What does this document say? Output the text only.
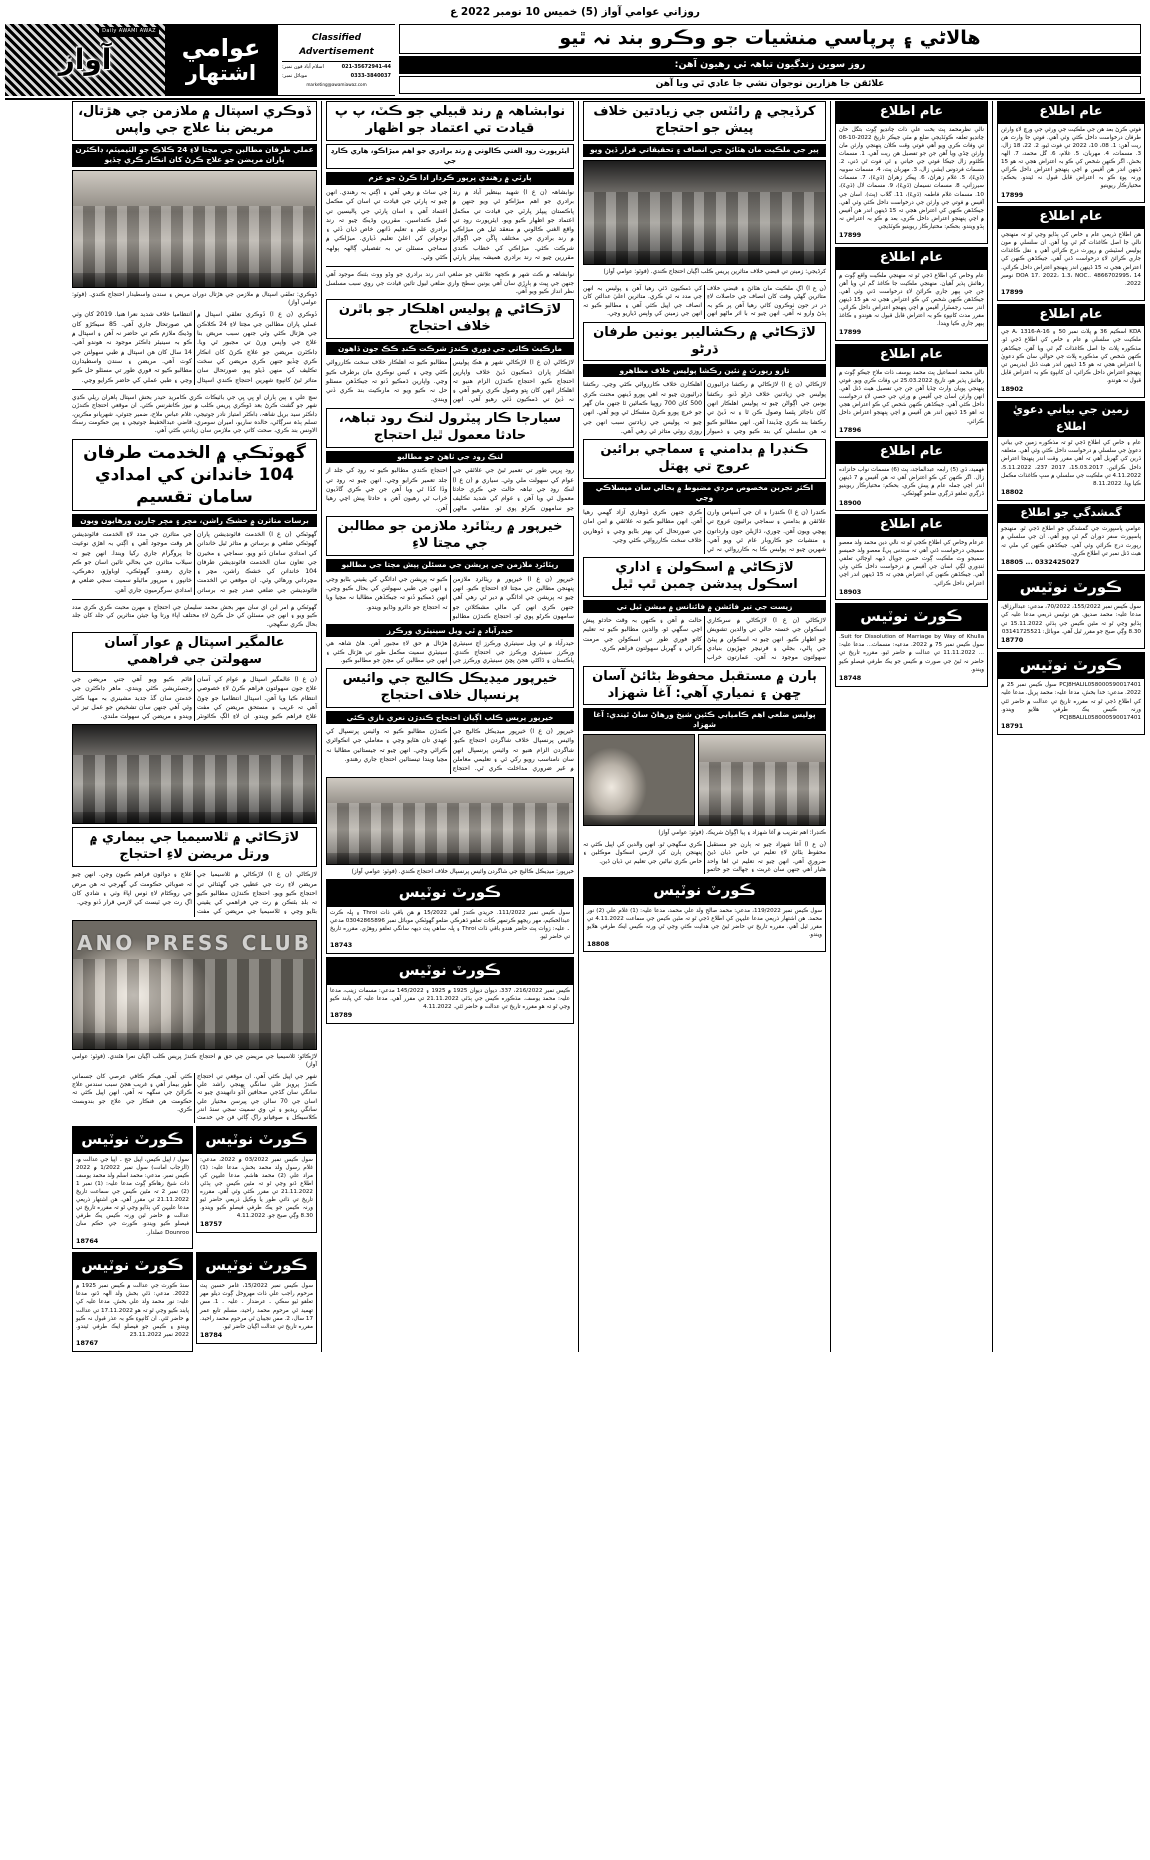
روزاني عوامي آواز (5) خميس 10 نومبر 2022 ع
هالاڻي ۽ پرپاسي منشيات جو وڪرو بند نہ ٿيو
روز سوين زندگيون تباهہ ٿي رهيون آهن:
علائقن جا هزارين نوجوان نشي جا عادي ٿي ويا آهن
Classified Advertisement
021-35672941-44
اسلام آباد فون نمبر:
0333-3840037
موبائل نمبر:
marketing@awamiawaz.com
عوامي
اشتهار
Daily AWAMI AWAZ
آواز
عام اطلاع
فوتي ڪرڻ بعد هن جي ملڪيت جي ورثي جي ورڇ لاءِ وارثن طرفان درخواست داخل ڪئي وئي آهي. فوتي جا وارث هن ريت آهن: 1. 08، 10، 2022 تي فوت ٿيو، 2. 22، 18 زال، 3. مسمات، 4. مهربان، 5. غلام، 6. گل محمد، 7. الهہ بخش. اگر ڪنهن شخص کي ڪو بہ اعتراض هجي تہ هو 15 ڏينهن اندر هن آفيس ۾ اچي پنهنجو اعتراض داخل ڪرائي ورنہ پوءِ ڪو بہ اعتراض قابل قبول نہ ٿيندو. بحڪم: مختيارڪار ريوينيو
17899
عام اطلاع
هن اطلاع ذريعي عام ۽ خاص کي ٻڌايو وڃي ٿو تہ منهنجي نالي جا اصل ڪاغذات گم ٿي ويا آهن. ان سلسلي ۾ مون پوليس اسٽيشن ۾ رپورٽ درج ڪرائي آهي ۽ نقل ڪاغذات جاري ڪرائڻ لاءِ درخواست ڏني آهي. جيڪڏهن ڪنهن کي اعتراض هجي تہ 15 ڏينهن اندر پنهنجو اعتراض داخل ڪرائي. DOA 17. 2022، 1.3، NOC.. 4866702995، 14 نومبر 2022.
17899
عام اطلاع
KDA اسڪيم 36 ۾ پلاٽ نمبر 50 ۽ 16-A، 1316-A جي ملڪيت جي سلسلي ۾ عام ۽ خاص کي اطلاع ڏجي ٿو. مذڪوره پلاٽ جا اصل ڪاغذات گم ٿي ويا آهن. جيڪڏهن ڪنهن شخص کي مذڪوره پلاٽ جي حوالي سان ڪو دعويٰ يا اعتراض هجي تہ هو 15 ڏينهن اندر هيٺ ڏنل ايڊريس تي پنهنجو اعتراض داخل ڪرائي، ان کانپوءِ ڪو بہ اعتراض قابل قبول نہ هوندو.
18902
زمين جي بياني دعويٰ اطلاع
عام ۽ خاص کي اطلاع ڏجي ٿو تہ مذڪوره زمين جي بياني دعويٰ جي سلسلي ۾ درخواست داخل ڪئي وئي آهي. متعلقہ ڌرين کي گهربل آهي تہ اهي مقرر وقت اندر پنهنجا اعتراض داخل ڪرائين. 15.03.2017، 2017 237، 5.11.2022، 4.11.2022 تي ملڪيت جي سلسلي ۾ سڀ ڪاغذات مڪمل ڪيا ويا. 8.11.2022
18802
گمشدگي جو اطلاع
عوامي پاسپورٽ جي گمشدگي جو اطلاع ڏجي ٿو. منهنجو پاسپورٽ سفر دوران گم ٿي ويو آهي. ان جي سلسلي ۾ رپورٽ درج ڪرائي وئي آهي. جيڪڏهن ڪنهن کي ملي تہ هيٺ ڏنل نمبر تي اطلاع ڪري.
18805 ... 0332425027
ڪورٽ نوٽيس
سول ڪيس نمبر 155/2022، 70/2022، مدعي: عبدالرزاق، مدعا عليہ: محمد صديق. هن نوٽيس ذريعي مدعا عليہ کي ٻڌايو وڃي ٿو تہ مٿين ڪيس جي ٻڌڻي 15.11.2022 تي 8.30 وڳي صبح جو مقرر ٿيل آهي. موبائل: 03141725521
18770
ڪورٽ نوٽيس
PCJ8HALIL058000590017401 سول ڪيس نمبر 25 ۾ 2022. مدعي: خدا بخش، مدعا عليہ: محمد پريل. مدعا عليہ کي اطلاع ڏجي ٿو تہ مقرره تاريخ تي عدالت ۾ حاضر ٿئي ورنہ ڪيس يڪ طرفي هلايو ويندو. PCJ8BALIL058000590017401
18791
عام اطلاع
نالي نظرمحمد پٽ بخت علي ذات چانڊيو ڳوٺ بتگل خان چانڊيو تعلقہ ڪوٽڏيجي ضلع ۾ مٽي جيڪر تاريخ 2022-10-08 تي وفات ڪري ويو آهي فوتي وقت ڪلان پنهنجي وارثن مان وارثن ڇڏي ويا آهن جن جو تفصيل هن ريت آهي. 1. مسمات ڪلثوم زال جيڪا فوتي جي خياني ۽ ٿي فوت ٿي ڏني، 2. مسمات فردوس ايشي زال، 3. مهربان پٽ، 4. مسمات سوبيہ (ڌيءَ)، 5. غلام زهراڻ، 6. پيڪر زهراڻ (ڌيءَ)، 7. مسمات سيرزاني، 8. مسمات نسيمان (ڌيءَ)، 9. مسمات لال (ڌيءَ)، 10. مسمات غلام فاطمہ (ڌيءَ)، 11. گلاب (پٽ). اسان جي آفيس ۾ فوتي جي وارثن جي درخواست داخل ڪئي وئي آهي. جيڪڏهن ڪنهن کي اعتراض هجي تہ 15 ڏينهن اندر هن آفيس ۾ اچي پنهنجو اعتراض داخل ڪري، بعد ۾ ڪو بہ اعتراض نہ ٻڌو ويندو. بحڪم: مختيارڪار ريوينيو ڪوٽڏيجي
17899
عام اطلاع
عام وخاص کي اطلاع ڏجي ٿو تہ منهنجي ملڪيت واقع ڳوٺ ۾ رهائش پذير آهيان. منهنجي ملڪيت جا ڪاغذ گم ٿي ويا آهن جن جي ٻيهر جاري ڪرائڻ لاءِ درخواست ڏني وئي آهي. جيڪڏهن ڪنهن شخص کي ڪو اعتراض هجي تہ هو 15 ڏينهن اندر سب رجسٽرار آفيس ۾ اچي پنهنجو اعتراض داخل ڪرائي. مقرر مدت کانپوءِ ڪو بہ اعتراض قابل قبول نہ هوندو ۽ ڪاغذ ٻيهر جاري ڪيا ويندا.
17899
عام اطلاع
نالي محمد اسماعيل پٽ محمد يوسف ذات ملاح جيڪو ڳوٺ ۾ رهائش پذير هو، تاريخ 25.03.2022 تي وفات ڪري ويو. فوتي پنهنجي پويان وارث ڇڏيا آهن جن جي تفصيل هيٺ ڏنل آهي. انهن وارثن اسان جي آفيس ۾ ورثي جي حصي لاءِ درخواست داخل ڪئي آهي. جيڪڏهن ڪنهن شخص کي ڪو اعتراض هجي تہ اهو 15 ڏينهن اندر هن آفيس ۾ اچي پنهنجو اعتراض داخل ڪرائي.
17896
عام اطلاع
فهميد، ڌي (5) رابعہ عبدالماجد، پٽ (6) مسمات نواب خانزاده زال. اگر ڪنهن کي ڪو اعتراض آهي تہ هن آفيس ۾ 7 ڏينهن اندر اچي جملہ عام ۾ پيش ڪري. بحڪم: مختيارڪار ريوينيو ڌرڳري تعلقو ڌرڳري ضلعو گهوٽڪي.
18900
عام اطلاع
عرعام وخاص کي اطلاع ڪجي ٿو تہ نالي دين محمد ولد معصو سميجي درخواست ڏني آهي تہ سندس پيءُ معصو ولد خميسو سميجو وٽ ملڪيت ڳوٺ حسن جوپال ڏيهہ اوڄاڻي تعلقي ٺنڊوري لڳي اسان جي آفيس ۾ درخواست داخل ڪئي وئي آهي. جيڪڏهن ڪنهن کي اعتراض هجي تہ 15 ڏينهن اندر اچي اعتراض داخل ڪرائي.
18903
ڪورٽ نوٽيس
Suit for Dissolution of Marriage by Way of Khulla. سول ڪيس نمبر 75 ۾ 2022. مدعيہ: مسمات... مدعا عليہ: ... 11.11.2022 تي عدالت ۾ حاضر ٿيو. مقرره تاريخ تي حاضر نہ ٿيڻ جي صورت ۾ ڪيس جو يڪ طرفي فيصلو ڪيو ويندو.
18748
کرڏيجي ۾ رائٽس جي زيادتين خلاف پيش جو احتجاج
پير جي ملڪيت مان هٽائڻ جي انصاف ۽ تحقيقاتي قرار ڏيڻ ويو
کرڏيجي: زمينن تي قبضي خلاف متاثرين پريس ڪلب اڳيان احتجاج ڪندي. (فوٽو: عوامي آواز)
(ن ع ا) اڳ ملڪيت مان هٽائڻ ۽ قبضي خلاف متاثرين گهڻي وقت کان انصاف جي حاصلات لاءِ در در جون ٺوڪرون کائي رهيا آهن پر ڪو بہ ٻڌڻ وارو نہ آهي. انهن چيو تہ با اثر ماڻهو انهن کي ڌمڪيون ڏئي رهيا آهن ۽ پوليس بہ انهن جي مدد نہ ٿي ڪري. متاثرين اعليٰ عدالتن کان انصاف جي اپيل ڪئي آهي ۽ مطالبو ڪيو تہ انهن جي زمينن کي واپس ڏياريو وڃي.
لاڙڪاڻي ۾ رڪشاليبر يونين طرفان ڌرڻو
تازو رپورٽ ۾ نئين رڪشا پوليس خلاف مظاهرو
لاڙڪاڻي (ن ع ا) لاڙڪاڻي ۾ رڪشا ڊرائيورن پوليس جي زيادتين خلاف ڌرڻو ڏنو. رڪشا يونين جي اڳواڻن چيو تہ پوليس اهلڪار انهن کان ناجائز پئسا وصول ڪن ٿا ۽ نہ ڏيڻ تي رڪشا بند ڪري ڇڏيندا آهن. انهن مطالبو ڪيو تہ هن سلسلي کي بند ڪيو وڃي ۽ ذميوار اهلڪارن خلاف ڪارروائي ڪئي وڃي. رڪشا ڊرائيورن چيو تہ اهي پورو ڏينهن محنت ڪري 500 کان 700 روپيا ڪمائين ٿا جنهن مان گهر جو خرچ پورو ڪرڻ مشڪل ٿي ويو آهي. انهن چيو تہ پوليس جي زيادتين سبب انهن جي روزي روٽي متاثر ٿي رهي آهي.
ڪنڊرا ۾ بدامني ۽ سماجي برائين عروج تي پهتل
اڪثر تجربن مخصوص مردي مضبوط ۾ بحالي سان ميسلاڪي وڃي
ڪنڊرا (ن ع ا) ڪنڊرا ۽ ان جي آسپاس وارن علائقن ۾ بدامني ۽ سماجي برائيون عروج تي پهچي ويون آهن. چوري، ڌاڙيلن جون وارداتون ۽ منشيات جو ڪاروبار عام ٿي ويو آهي. شهرين چيو تہ پوليس ڪا بہ ڪارروائي نہ ٿي ڪري جنهن ڪري ڏوهاري آزاد گهمي رهيا آهن. انهن مطالبو ڪيو تہ علائقي ۾ امن امان جي صورتحال کي بهتر بڻايو وڃي ۽ ڏوهارين خلاف سخت ڪارروائي ڪئي وڃي.
لاڙڪاڻي ۾ اسڪولن ۽ اداري اسڪول پيدشن چمبن ٿپ ٿيل
زيست جي تير فائشن ۾ فائنانس ۾ ميشن ٿيل تي
لاڙڪاڻي (ن ع ا) لاڙڪاڻي ۾ سرڪاري اسڪولن جي خستہ حالي تي والدين تشويش جو اظهار ڪيو. انهن چيو تہ اسڪولن ۾ پيئڻ جي پاڻي، بجلي ۽ فرنيچر جهڙيون بنيادي سهولتون موجود نہ آهن. عمارتون خراب حالت ۾ آهن ۽ ڪنهن بہ وقت حادثو پيش اچي سگهي ٿو. والدين مطالبو ڪيو تہ تعليم کاتو فوري طور تي اسڪولن جي مرمت ڪرائي ۽ گهربل سهولتون فراهم ڪري.
ٻارن ۾ مستقبل محفوظ بڻائڻ آسان ڇهن ۽ نمياري آهي: آغا شهزاد
پوليس ضلعي اهم ڪاميابي ڪئين شيخ ورهاڻ ساڻ ٿيندي: آغا شهزاد
ڪنڊرا: اهم تقريب ۾ آغا شهزاد ۽ ٻيا اڳواڻ شريڪ. (فوٽو: عوامي آواز)
(ن ع ا) آغا شهزاد چيو تہ ٻارن جو مستقبل محفوظ بڻائڻ لاءِ تعليم تي خاص ڌيان ڏيڻ ضروري آهي. انهن چيو تہ تعليم ئي اها واحد هٿيار آهي جنهن سان غربت ۽ جهالت جو خاتمو ڪري سگهجي ٿو. انهن والدين کي اپيل ڪئي تہ پنهنجن ٻارن کي لازمي اسڪول موڪلين ۽ خاص ڪري نياڻين جي تعليم تي ڌيان ڏين.
ڪورٽ نوٽيس
سول ڪيس نمبر 119/2022، مدعي: محمد صالح ولد علي محمد، مدعا عليہ: (1) غلام علي (2) نور محمد. هن اشتهار ذريعي مدعا عليہن کي اطلاع ڏجي ٿو تہ مٿين ڪيس جي سماعت 4.11.2022 تي مقرر ٿيل آهي. مقرره تاريخ تي حاضر ٿيڻ جي هدايت ڪئي وڃي ٿي ورنہ ڪيس ايڪ طرفي هلايو ويندو.
18808
نوابشاهہ ۾ رند قبيلي جو ڪٽ، پ پ قيادت تي اعتماد جو اظهار
ايئرپورٽ روڊ الغني ڪالوني ۾ رند برادري جو اهم ميڙاڪو، هاري ڪارڊ جي
پارٽي ۾ رهندي ڀرپور ڪردار ادا ڪرڻ جو عزم
نوابشاهہ (ن ع ا) شهيد بينظير آباد ۾ رند برادري جو اهم ميڙاڪو ٿي ويو جنهن ۾ پاڪستان پيپلز پارٽي جي قيادت تي مڪمل اعتماد جو اظهار ڪيو ويو. ايئرپورٽ روڊ تي واقع الغني ڪالوني ۾ منعقد ٿيل هن ميڙاڪي ۾ رند برادري جي مختلف ڀاڱن جي اڳواڻن شرڪت ڪئي. ميڙاڪي کي خطاب ڪندي مقررين چيو تہ رند برادري هميشہ پيپلز پارٽي جي ساٿ ۾ رهي آهي ۽ اڳتي بہ رهندي. انهن چيو تہ پارٽي جي قيادت تي اسان کي مڪمل اعتماد آهي ۽ اسان پارٽي جي پاليسين تي عمل ڪنداسين. مقررين وڌيڪ چيو تہ رند برادري علم ۽ تعليم ڏانهن خاص ڌيان ڏئي ۽ نوجوانن کي اعليٰ تعليم ڏياري. ميڙاڪي ۾ سماجي مسئلن تي بہ تفصيلي ڳالهہ ٻولهہ ڪئي وئي.
نوابشاهہ ۾ ڪٽ شهر ۾ ڪجهہ علائقي جو ضلعي اندر رند برادري جو وڏو ووٽ بئنڪ موجود آهي جنهن جي ڀيٽ ۾ ٻارڙي سان آهي يونين سطح واري ضلعي ليول تائين قيادت جي روي سبب مسلسل نظر انداز ڪيو ويو آهي.
لاڙڪاڻي ۾ پوليس اهلڪار جو باٿرن خلاف احتجاج
مارڪيٽ ڪاٺي جي ڊوري ڪندڙ شرڪت ڪنڊ ڪڪ جون ڏاهون
لاڙڪاڻي (ن ع ا) لاڙڪاڻي شهر ۾ هڪ پوليس اهلڪار پاران ڌمڪيون ڏيڻ خلاف واپارين احتجاج ڪيو. احتجاج ڪندڙن الزام هنيو تہ اهلڪار انهن کان ڀتو وصول ڪري رهيو آهي ۽ نہ ڏيڻ تي ڌمڪيون ڏئي رهيو آهي. انهن مطالبو ڪيو تہ اهلڪار خلاف سخت ڪارروائي ڪئي وڃي ۽ کيس نوڪري مان برطرف ڪيو وڃي. واپارين ڌمڪيو ڏنو تہ جيڪڏهن مسئلو حل نہ ڪيو ويو تہ مارڪيٽ بند ڪري ڏني ويندي.
سيارجا ڪار پيٽرول لنڪ رود تباهہ، حادثا معمول ٿيل احتجاج
لنڪ رود جي ٺاهڻ جو مطالبو
رود ڀرپي طور تي تعمير ٿيڻ جي علائقي جي عوام کي سهولت ملي وئي. سياري ۾ (ن ع ا) لنڪ روڊ جي تباهہ حالت جي ڪري حادثا معمول ٿي ويا آهن ۽ عوام کي شديد تڪليف جو سامهون ڪرڻو پوي ٿو. مقامي ماڻهن احتجاج ڪندي مطالبو ڪيو تہ روڊ کي جلد از جلد تعمير ڪرايو وڃي. انهن چيو تہ روڊ تي وڏا کڏا ٿي ويا آهن جن جي ڪري گاڏيون خراب ٿي رهيون آهن ۽ حادثا پيش اچي رهيا آهن.
خيرپور ۾ ريٽائرڊ ملازمن جو مطالبن جي مڃتا لاءِ
ريٽائرڊ ملازمن جي پريشن جي مسئلن پيش مڃتا جي مطالبو
خيرپور (ن ع ا) خيرپور ۾ ريٽائرڊ ملازمن پنهنجن مطالبن جي مڃتا لاءِ احتجاج ڪيو. انهن چيو تہ پريشن جي ادائگي ۾ دير ٿي رهي آهي جنهن ڪري انهن کي مالي مشڪلاتن جو سامهون ڪرڻو پوي ٿو. احتجاج ڪندڙن مطالبو ڪيو تہ پريشن جي ادائگي کي يقيني بڻايو وڃي ۽ انهن جي طبي سهولتن کي بحال ڪيو وڃي. انهن ڌمڪيو ڏنو تہ جيڪڏهن مطالبا نہ مڃيا ويا تہ احتجاج جو دائرو وڌايو ويندو.
حيدرآباد ۾ ٿي ويل سينيٽري ورڪرز
حيدرآباد ۾ ٿي ويل سينيٽري ورڪرز اڄ سينيٽري ورڪرز سينيٽري ورڪرز جي احتجاج ڪندي. پاڪستان ۽ ڏاکڻي هجڻ پڇڻ سينيٽري ورڪرز جي هڙتال ۾ حق لاءِ مجبور آهن. هاڻ شاهہ هي سينيٽري سميت مڪمل طور تي هڙتال ڪئي ۽ انهن جي مطالبن کي مڃڻ جو مطالبو ڪيو.
خيرپور ميڊيڪل ڪاليج جي وائيس پرنسپال خلاف احتجاج
خيرپور پريس ڪلب اڳيان احتجاج ڪندڙن نعري بازي ڪئي
خيرپور (ن ع ا) خيرپور ميڊيڪل ڪاليج جي وائيس پرنسپال خلاف شاگردن احتجاج ڪيو. شاگردن الزام هنيو تہ وائيس پرنسپال انهن سان نامناسب رويو رکي ٿي ۽ تعليمي معاملن ۾ غير ضروري مداخلت ڪري ٿي. احتجاج ڪندڙن مطالبو ڪيو تہ وائيس پرنسپال کي عهدي تان هٽايو وڃي ۽ معاملي جي انڪوائري ڪرائي وڃي. انهن چيو تہ جيستائين مطالبا نہ مڃيا ويندا تيستائين احتجاج جاري رهندو.
خيرپور: ميڊيڪل ڪاليج جي شاگردن وائيس پرنسپال خلاف احتجاج ڪندي. (فوٽو: عوامي آواز)
ڪورٽ نوٽيس
سول ڪيس نمبر 111/2022. خريدي ڪندڙ آهي 15/2022 ۾ هن باقي ذات Throi ۽ ڀلہ ڪرت عبدالحڪيم، مهر ريجهو ڪرنمهر ڪاٺ تعلقو ڌهرڪي ضلعو گهوٽڪي موبائل نمبر 03042865896 مدعي ۔ عليہ: زوات پٽ حاضر هندو باقي ذات Throi ۽ ڀلہ ساهي پٽ ديهہ سانگي تعلقو روهڙي. مقرره تاريخ تي حاضر ٿيو.
18743
ڪورٽ نوٽيس
ڪيس نمبر 216/2022، 337، ديوان ديوان 1925 ۾ 1925 ۽ 145/2022 مدعي: مسمات زينب، مدعا عليہ: محمد يوسف. مذڪوره ڪيس جي ٻڌڻي 21.11.2022 تي مقرر آهي. مدعا عليہ کي پابند ڪيو وڃي ٿو تہ هو مقرره تاريخ تي عدالت ۾ حاضر ٿئي. 4.11.2022
18789
ڏوڪري اسپتال ۾ ملازمن جي هڙتال، مريض بنا علاج جي واپس
عملي طرفان مطالبن جي مڃتا لاءِ 24 ڪلاڪ جو الٽيميٽم، ڊاڪٽرن پاران مريضن جو علاج ڪرڻ کان انڪار ڪري ڇڏيو
ڏوڪري: تعلقي اسپتال ۾ ملازمن جي هڙتال دوران مريض ۽ سندن واسطيدار احتجاج ڪندي. (فوٽو: عوامي آواز)
ڏوڪري (ن ع ا) ڏوڪري تعلقي اسپتال ۾ عملي پاران مطالبن جي مڃتا لاءِ 24 ڪلاڪن جي هڙتال ڪئي وئي جنهن سبب مريض بنا علاج جي واپس ورڻ تي مجبور ٿي ويا. ڊاڪٽرن مريضن جو علاج ڪرڻ کان انڪار ڪري ڇڏيو جنهن ڪري مريضن کي سخت تڪليف کي منهن ڏيڻو پيو. صورتحال سان متاثر ٿيڻ کانپوءِ شهرين احتجاج ڪندي اسپتال انتظاميا خلاف شديد نعرا هنيا. 2019 کان وٺي هي صورتحال جاري آهي. 85 سيڪڙو کان وڌيڪ ملازم ڪم تي حاضر نہ آهن ۽ اسپتال ۾ ڪو بہ سينيئر ڊاڪٽر موجود نہ هوندو آهي. 14 سال کان هن اسپتال ۾ طبي سهولتن جي کوٽ آهي. مريضن ۽ سندن واسطيدارن مطالبو ڪيو تہ فوري طور تي مسئلو حل ڪيو وڃي ۽ طبي عملي کي حاضر ڪرايو وڃي.
سچ علي ۽ ٻين ٻاران او ڀي ڀي جي بائيڪاٽ ڪري ڪامريڊ حيدر بخش اسپتال ٻاهران ريلي ڪڍي شهر جو گشت ڪرڻ بعد ڏوڪري پريس ڪلب ۾ نيوز ڪانفرنس ڪئي. ان موقعي احتجاج ڪندڙن ڊاڪٽر سيد بريل شاهہ، ڊاڪٽر امتياز نادر جوتيجي، غلام عباس ملاح، ضمير جتوئي، شهريانو مڪرين، تسلم ٻڌہ سرڳاڻي، خالده ساريو، اميران سومري، قاضي عبدالحفيظ جوتيجي ۽ ٻين حڪومت رسڪ الاونس بند ڪري، صحت کاتي جي ملازمن سان زيادتي ڪئي آهي.
گهوٽڪي ۾ الخدمت طرفان 104 خاندانن کي امدادي سامان تقسيم
برسات متاثرن ۾ خشڪ راشن، مڇر ۽ مڇر ڄارين ورهايون ويون
گهوٽڪي (ن ع ا) الخدمت فائونڊيشن پاران گهوٽڪي ضلعي ۾ برساتن ۾ متاثر ٿيل خاندانن کي امدادي سامان ڏنو ويو. سماجي ۽ مخيرن جي تعاون سان الخدمت فائونڊيشن طرفان 104 خاندانن کي خشڪ راشن، مڇر ۽ مڇرداني ورهائي وئي. ان موقعي تي الخدمت فائونڊيشن جي ضلعي صدر چيو تہ برساتن جي متاثرن جي مدد لاءِ الخدمت فائونڊيشن هر وقت موجود آهي ۽ اڳتي بہ اهڙي نوعيت جا پروگرام جاري رکيا ويندا. انهن چيو تہ سيلاب متاثرن جي بحالي تائين اسان جو ڪم جاري رهندو. گهوٽڪي، اوباوڙو، ڊهرڪي، خانپور ۽ ميرپور ماٿيلو سميت سڄي ضلعي ۾ امدادي سرگرميون جاري آهن.
گهوٽڪي ۾ امر ابن اي سان مهر بخش محمد سليمان جي احتجاج ۽ مهرن محبت ڪري ڪري مدد ڪيو ويو ۽ انهن جي مسئلن کي حل ڪرڻ لاءِ مختلف اپاءَ ورتا ويا جيئن متاثرين کي جلد کان جلد بحال ڪري سگهجي.
عالمگير اسپتال ۾ عوار آسان سهولتن جي فراهمي
(ن ع ا) عالمگير اسپتال ۾ عوام کي آسان علاج جون سهولتون فراهم ڪرڻ لاءِ خصوصي انتظام ڪيا ويا آهن. اسپتال انتظاميا جو چوڻ آهي تہ غريب ۽ مستحق مريضن کي مفت علاج فراهم ڪيو ويندو. ان لاءِ الڳ ڪائونٽر قائم ڪيو ويو آهي جتي مريضن جي رجسٽريشن ڪئي ويندي. ماهر ڊاڪٽرن جي خدمتن سان گڏ جديد مشينري بہ مهيا ڪئي وئي آهي جنهن سان تشخيص جو عمل تيز ٿي ويندو ۽ مريضن کي سهولت ملندي.
لاڙڪاڻي ۾ ٿلاسيميا جي بيماري ۾ ورتل مريضن لاءِ احتجاج
لاڙڪاڻي (ن ع ا) لاڙڪاڻي ۾ ٿلاسيميا جي مريضن لاءِ رت جي عطيي جي گهٽتائي تي احتجاج ڪيو ويو. احتجاج ڪندڙن مطالبو ڪيو تہ بلڊ بئنڪن ۾ رت جي فراهمي کي يقيني بڻايو وڃي ۽ ٿلاسيميا جي مريضن کي مفت علاج ۽ دوائون فراهم ڪيون وڃن. انهن چيو تہ صوبائي حڪومت کي گهرجي تہ هن مرض جي روڪٿام لاءِ ٺوس اپاءَ وٺي ۽ شادي کان اڳ رت جي ٽيسٽ کي لازمي قرار ڏنو وڃي.
ANO PRESS CLUB
لاڙڪاڻو: ٿلاسيميا جي مريضن جي حق ۾ احتجاج ڪندڙ پريس ڪلب اڳيان نعرا هڻندي. (فوٽو: عوامي آواز)
شهر جي اپيل ڪئي آهي. ان موقعي تي احتجاج ڪندڙ پرويز علي سانگي پهنجي راشد علي سانگي سان گڏجي صحافين آڏو دانهيندي چيو تہ اسان جي 70 سالن جي پيرسن مختيار علي سانگي ريڊيو ۽ ٽي وي سميت سجي سنڌ اندر ڪلاسيڪل ۽ صوفيانو راڳ ڳائي فن جي خدمت ڪئي آهي. هيڪر ڪافي عرصي کان جسماني طور بيمار آهي ۽ غريب هجڻ سبب سندس علاج ڪرائڻ جي سگهہ نہ آهي. انهن اپيل ڪئي تہ حڪومت هن فنڪار جي علاج جو بندوبست ڪري.
ڪورٽ نوٽيس
سول ڪيس نمبر 03/2022 ۾ 2022، مدعي: غلام رسول ولد محمد بخش، مدعا عليہ: (1) مراد علي (2) محمد هاشم. مدعا عليہن کي اطلاع ڏنو وڃي ٿو تہ مٿين ڪيس جي ٻڌڻي 21.11.2022 تي مقرر ڪئي وئي آهي. مقرره تاريخ تي ذاتي طور يا وڪيل ذريعي حاضر ٿيو ورنہ ڪيس جو يڪ طرفي فيصلو ڪيو ويندو. 8.30 وڳي صبح جو. 4.11.2022
18757
ڪورٽ نوٽيس
سول / اپيل ڪيس، اپيل جج ۔ اپيا جي عدالت ۾، (الزجاب امانت) سول نمبر 1/2022 ۾ 2022 ڪيس نمبر. مدعي: محمد اسلم ولد محمد يوسف ذات شيخ رهاڪو ڳوٺ مدعا عليہ: (1) نمبر 1 (2) نمبر 2 تہ مٿين ڪيس جي سماعت تاريخ 21.11.2022 تي مقرر آهي. هن اشتهار ذريعي مدعا عليہن کي ٻڌايو وڃي ٿو تہ مقرره تاريخ تي عدالت ۾ حاضر ٿين ورنہ ڪيس يڪ طرفي فيصلو ڪيو ويندو. ڪورٽ جي حڪم سان Dounroo عملدار.
18764
ڪورٽ نوٽيس
سول ڪيس نمبر 15/2022، غامر حسين پٽ مرحوم راجب علي ذات مهروخل ڳوٺ ديلو مهر تعلقو ٽيو سڪي ۔ عرضدار ۔ عليہ ۔ 1. مس تهميد ٿي مرحوم محمد راحيد، مسلم تابع عمر 17 سال، 2. مس نجيبان ٿي مرحوم محمد راحيد. مقرره تاريخ تي عدالت اڳيان حاضر ٿيو.
18784
ڪورٽ نوٽيس
سنڌ ڪورٽ جي عدالت ۾ ڪيس نمبر 1925 ۾ 2022. مدعي: ڌڻي بخش ولد الهہ ڏنو، مدعا عليہ: نور محمد ولد علي بخش. مدعا عليہ کي پابند ڪيو وڃي ٿو تہ هو 17.11.2022 تي عدالت ۾ حاضر ٿئي. ان کانپوءِ ڪو بہ عذر قبول نہ ڪيو ويندو ۽ ڪيس جو فيصلو ايڪ طرفي ٿيندو. 2022 نمبر 23.11.2022
18767
